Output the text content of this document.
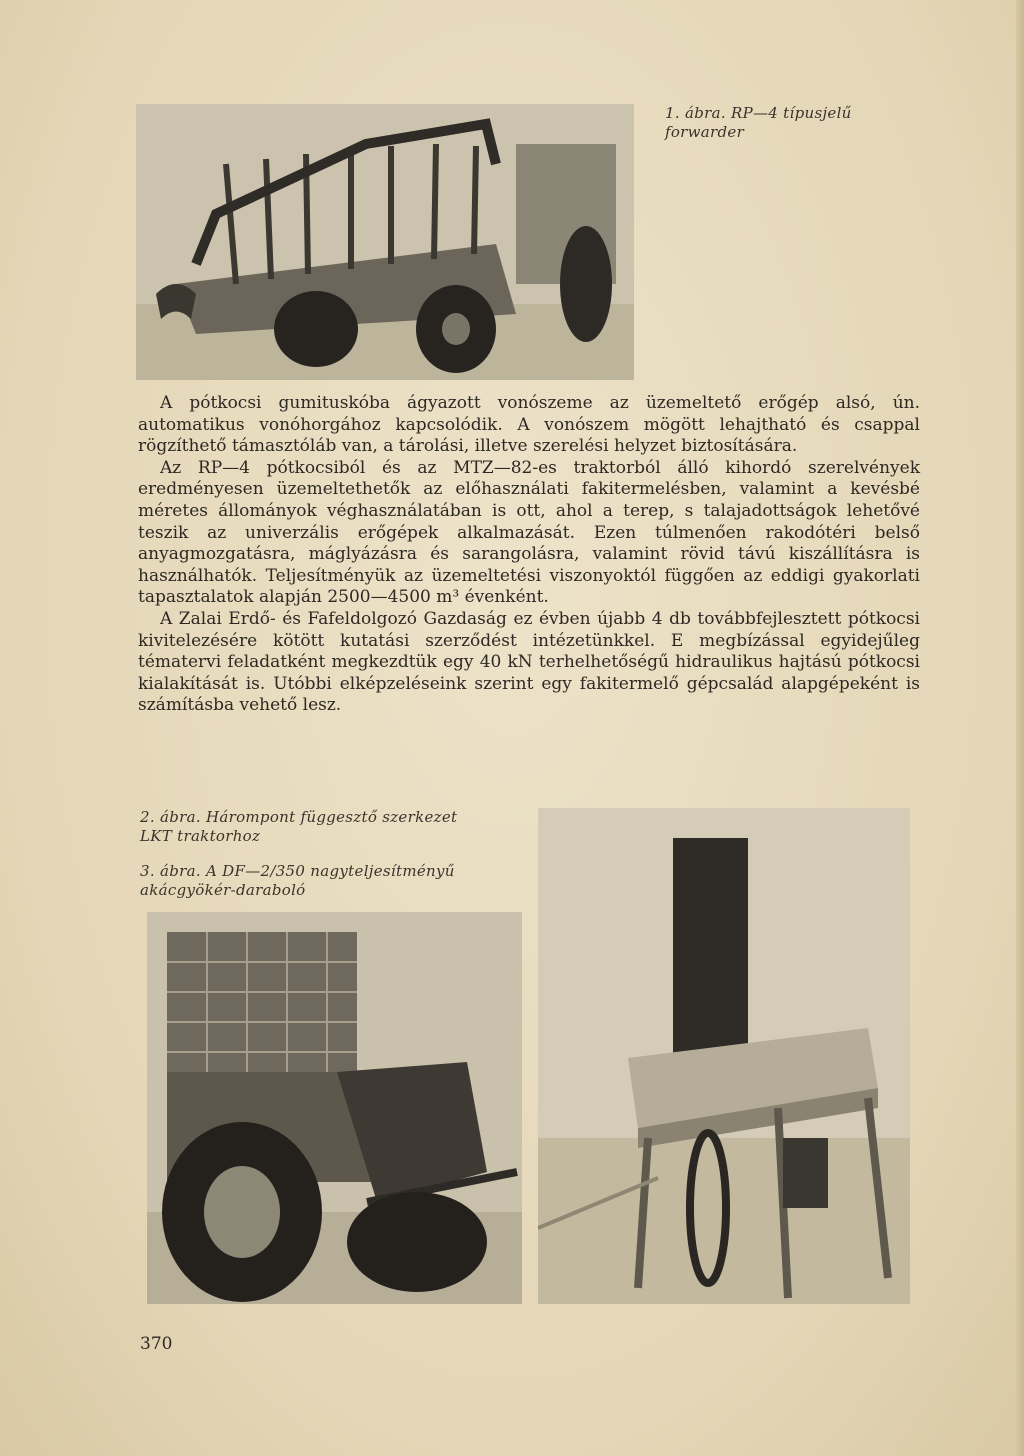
1. ábra. RP—4 típusjelű
forwarder

A pótkocsi gumituskóba ágyazott vonószeme az üzemeltető erőgép alsó, ún. automatikus vonóhorgához kapcsolódik. A vonószem mögött lehajtható és csappal rögzíthető támasztóláb van, a tárolási, illetve szerelési helyzet biztosítására.

Az RP—4 pótkocsiból és az MTZ—82-es traktorból álló kihordó szerelvények eredményesen üzemeltethetők az előhasználati fakitermelésben, valamint a kevésbé méretes állományok véghasználatában is ott, ahol a terep, s talajadottságok lehetővé teszik az univerzális erőgépek alkalmazását. Ezen túlmenően rakodótéri belső anyagmozgatásra, máglyázásra és sarangolásra, valamint rövid távú kiszállításra is használhatók. Teljesítményük az üzemeltetési viszonyoktól függően az eddigi gyakorlati tapasztalatok alapján 2500—4500 m³ évenként.

A Zalai Erdő- és Fafeldolgozó Gazdaság ez évben újabb 4 db továbbfejlesztett pótkocsi kivitelezésére kötött kutatási szerződést intézetünkkel. E megbízással egyidejűleg tématervi feladatként megkezdtük egy 40 kN terhelhetőségű hidraulikus hajtású pótkocsi kialakítását is. Utóbbi elképzeléseink szerint egy fakitermelő gépcsalád alapgépeként is számításba vehető lesz.

2. ábra. Hárompont függesztő szerkezet
LKT traktorhoz
3. ábra. A DF—2/350 nagyteljesítményű
akácgyökér-daraboló
370
